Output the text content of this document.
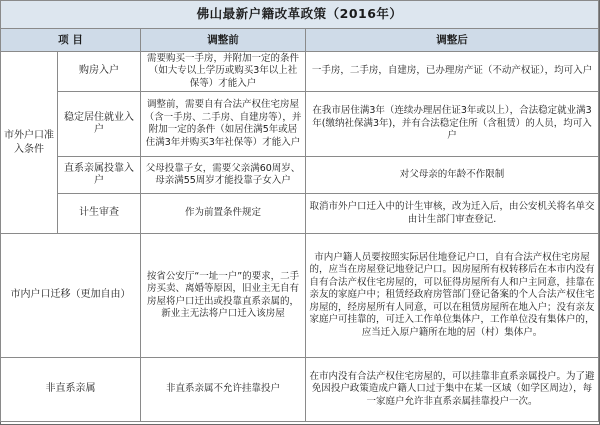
佛山最新户籍改革政策（2016年）			
项 目		调整前	调整后
市外户口准入条件	购房入户	需要购买一手房，并附加一定的条件（如大专以上学历或购买3年以上社保等）才能入户	一手房，二手房，自建房，已办理房产证（不动产权证），均可入户
	稳定居住就业入户	调整前，需要自有合法产权住宅房屋（含一手房、二手房、自建房等），并附加一定的条件（如居住满5年或居住满3年并购买3年社保等）才能入户	在我市居住满3年（连续办理居住证3年或以上），合法稳定就业满3年(缴纳社保满3年)，并有合法稳定住所（含租赁）的人员，均可入户
	直系亲属投靠入户	父母投靠子女，需要父亲满60周岁、母亲满55周岁才能投靠子女入户	对父母亲的年龄不作限制
	计生审查	作为前置条件规定	取消市外户口迁入中的计生审核，改为迁入后，由公安机关将名单交由计生部门审查登记.
市内户口迁移（更加自由）		按省公安厅“一址一户”的要求，二手房买卖、离婚等原因，旧业主无自有房屋将户口迁出或投靠直系亲属的，新业主无法将户口迁入该房屋	市内户籍人员要按照实际居住地登记户口，自有合法产权住宅房屋的，应当在房屋登记地登记户口。因房屋所有权转移后在本市内没有自有合法产权住宅房屋的，可以征得房屋所有人和户主同意，挂靠在亲友的家庭户中；租赁经政府房管部门登记备案的个人合法产权住宅房屋的，经房屋所有人同意，可以在租赁房屋所在地入户；没有亲友家庭户可挂靠的，可迁入工作单位集体户，工作单位没有集体户的，应当迁入原户籍所在地的居（村）集体户。
非直系亲属		非直系亲属不允许挂靠投户	在市内没有合法产权住宅房屋的，可以挂靠非直系亲属投户。为了避免因投户政策造成户籍人口过于集中在某一区域（如学区周边），每一家庭户允许非直系亲属挂靠投户一次。
